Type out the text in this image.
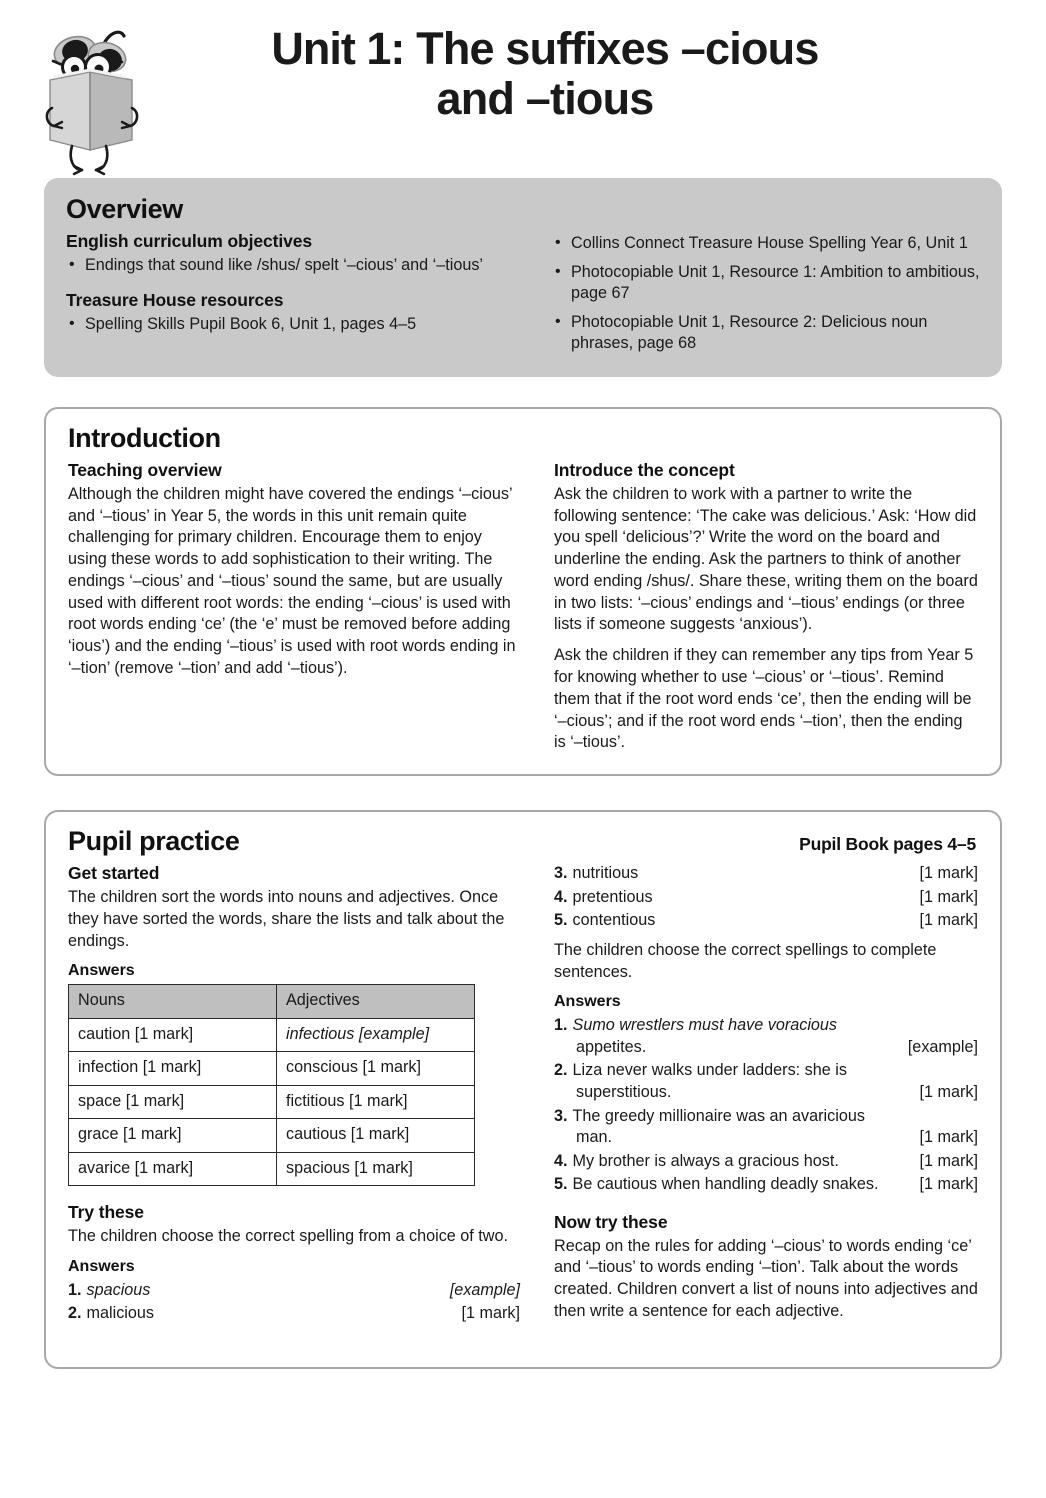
Unit 1: The suffixes –cious
and –tious
Overview
English curriculum objectives
• Endings that sound like /shus/ spelt ‘–cious’ and ‘–tious’
Treasure House resources
• Spelling Skills Pupil Book 6, Unit 1, pages 4–5
• Collins Connect Treasure House Spelling Year 6, Unit 1
• Photocopiable Unit 1, Resource 1: Ambition to ambitious, page 67
• Photocopiable Unit 1, Resource 2: Delicious noun phrases, page 68
Introduction
Teaching overview

Although the children might have covered the endings ‘–cious’ and ‘–tious’ in Year 5, the words in this unit remain quite challenging for primary children. Encourage them to enjoy using these words to add sophistication to their writing. The endings ‘–cious’ and ‘–tious’ sound the same, but are usually used with different root words: the ending ‘–cious’ is used with root words ending ‘ce’ (the ‘e’ must be removed before adding ‘ious’) and the ending ‘–tious’ is used with root words ending in ‘–tion’ (remove ‘–tion’ and add ‘–tious’).

Introduce the concept

Ask the children to work with a partner to write the following sentence: ‘The cake was delicious.’ Ask: ‘How did you spell ‘delicious’?’ Write the word on the board and underline the ending. Ask the partners to think of another word ending /shus/. Share these, writing them on the board in two lists: ‘–cious’ endings and ‘–tious’ endings (or three lists if someone suggests ‘anxious’).

Ask the children if they can remember any tips from Year 5 for knowing whether to use ‘–cious’ or ‘–tious’. Remind them that if the root word ends ‘ce’, then the ending will be ‘–cious’; and if the root word ends ‘–tion’, then the ending is ‘–tious’.

Pupil practice	Pupil Book pages 4–5
Get started

The children sort the words into nouns and adjectives. Once they have sorted the words, share the lists and talk about the endings.

Answers
Nouns	Adjectives
caution [1 mark]	infectious [example]
infection [1 mark]	conscious [1 mark]
space [1 mark]	fictitious [1 mark]
grace [1 mark]	cautious [1 mark]
avarice [1 mark]	spacious [1 mark]
Try these

The children choose the correct spelling from a choice of two.

Answers
1. spacious	[example]
2. malicious	[1 mark]
3. nutritious	[1 mark]
4. pretentious	[1 mark]
5. contentious	[1 mark]

The children choose the correct spellings to complete sentences.

Answers
1. Sumo wrestlers must have voracious
appetites.	[example]
2. Liza never walks under ladders: she is
superstitious.	[1 mark]
3. The greedy millionaire was an avaricious
man.	[1 mark]
4. My brother is always a gracious host.	[1 mark]
5. Be cautious when handling deadly snakes.	[1 mark]
Now try these

Recap on the rules for adding ‘–cious’ to words ending ‘ce’ and ‘–tious’ to words ending ‘–tion’. Talk about the words created. Children convert a list of nouns into adjectives and then write a sentence for each adjective.
